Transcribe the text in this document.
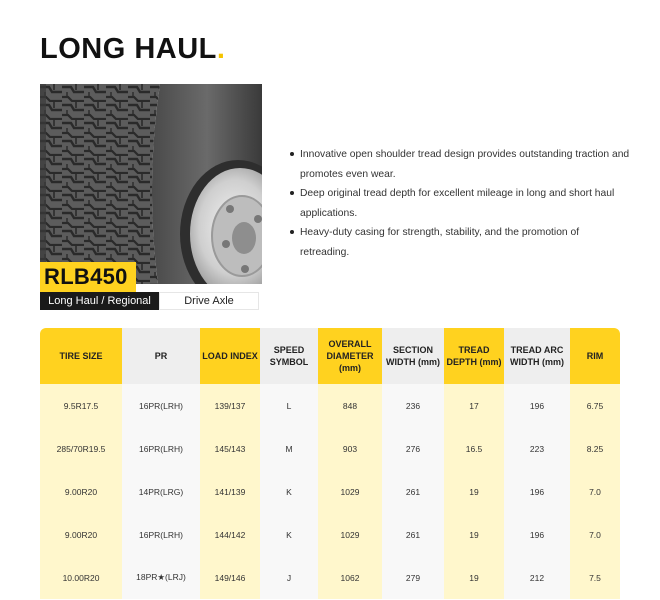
LONG HAUL.
RLB450
Long Haul / Regional	Drive Axle
Innovative open shoulder tread design provides outstanding traction and promotes even wear.
Deep original tread depth for excellent mileage in long and short haul applications.
Heavy-duty casing for strength, stability, and the promotion of retreading.
TIRE SIZE	PR	LOAD INDEX	SPEED SYMBOL	OVERALL DIAMETER (mm)	SECTION WIDTH (mm)	TREAD DEPTH (mm)	TREAD ARC WIDTH (mm)	RIM
9.5R17.5	16PR(LRH)	139/137	L	848	236	17	196	6.75
285/70R19.5	16PR(LRH)	145/143	M	903	276	16.5	223	8.25
9.00R20	14PR(LRG)	141/139	K	1029	261	19	196	7.0
9.00R20	16PR(LRH)	144/142	K	1029	261	19	196	7.0
10.00R20	18PR★(LRJ)	149/146	J	1062	279	19	212	7.5
